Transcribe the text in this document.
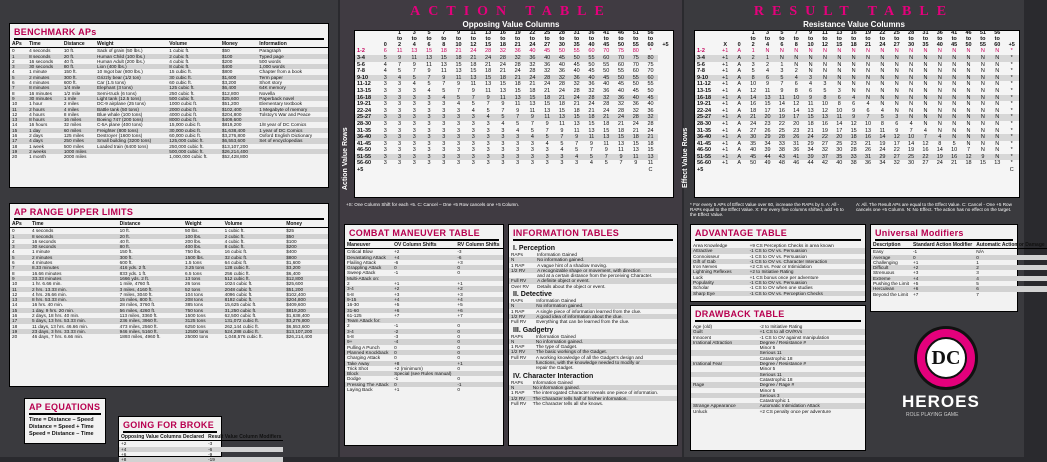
BENCHMARK APs
APs	Time	Distance	Weight	Volume	Money	Information
0	4 seconds	10 ft.	Sack of grain (50 lbs.)	1 cubic ft.	$50	Paragraph
1	8 seconds	20 ft.	Human Child (100 lbs.)	2 cubic ft.	$100	Typed page
2	16 seconds	40 ft.	Human Adult (200 lbs.)	4 cubic ft.	$200	500 words
3	30 seconds	80 ft.	Lion (400 lbs.)	8 cubic ft.	$400	1,000 words
4	1 minute	150 ft.	10 Ingot bar (800 lbs.)	15 cubic ft.	$800	Chapter from a book
5	2 minutes	300 ft.	Grizzly bear (1/2 ton)	30 cubic ft.	$1,600	Term paper
6	4 minutes	600 ft.	Car (1.5 tons)	60 cubic ft.	$3,200	Short story
7	8 minutes	1/4 mile	Elephant (3 tons)	125 cubic ft.	$6,400	64K memory
8	16 minutes	1/2 mile	Semi-truck (6 tons)	250 cubic ft.	$12,800	Novella
9	30 minutes	1 mile	Light tank (12.5 tons)	500 cubic ft.	$25,600	Paperback novel
10	1 hour	2 miles	DC-9 airplane (25 tons)	1000 cubic ft.	$51,200	Elementary textbook
11	2 hours	4 miles	Battle tank (50 tons)	2000 cubic ft.	$102,400	1 Megabyte of memory
12	4 hours	8 miles	Blue whale (100 tons)	4000 cubic ft.	$204,800	Tolstoy's War and Peace
13	8 hours	16 miles	Boeing 747 (200 tons)	8000 cubic ft.	$409,600	
14	16 hours	32 miles	C-5A plane (400 tons)	15,000 cubic ft.	$819,200	1/8 year of DC Comics
15	1 day	60 miles	Freighter (800 tons)	30,000 cubic ft.	$1,638,400	1 year of DC Comics
16	2 days	125 miles	Destroyer (1600 tons)	60,000 cubic ft.	$3,276,800	Oxford English Dictionary
17	4 days	250 miles	Small building (3200 tons)	125,000 cubic ft.	$6,553,600	Set of encyclopedias
18	1 week	500 miles	Loaded train (6400 tons)	250,000 cubic ft.	$13,107,200	
19	2 weeks	1000 miles		500,000 cubic ft.	$26,214,400	
20	1 month	2000 miles		1,000,000 cubic ft.	$52,428,800	
AP RANGE UPPER LIMITS
APs	Time	Distance	Weight	Volume	Money
0	4 seconds	10 ft.	50 lbs.	1 cubic ft.	$25
1	8 seconds	20 ft.	100 lbs.	2 cubic ft.	$50
2	16 seconds	40 ft.	200 lbs.	4 cubic ft.	$100
3	30 seconds	80 ft.	400 lbs.	8 cubic ft.	$200
4	1 minute	150 ft.	750 lbs.	16 cubic ft.	$400
5	2 minutes	300 ft.	1500 lbs.	32 cubic ft.	$800
6	4 minutes	600 ft.	1.5 tons	64 cubic ft.	$1,600
7	8.33 minutes	416 yds. 2 ft.	3.25 tons	128 cubic ft.	$3,200
8	16.66 minutes	833 yds. 1 ft.	6.5 tons	256 cubic ft.	$6,400
9	33.33 minutes	1666 yds. 2 ft.	13 tons	512 cubic ft.	$12,800
10	1 hr. 6.66 min.	1 mile, 4760 ft.	26 tons	1024 cubic ft.	$25,600
11	2 hrs. 13.33 min.	3 miles, 4160 ft.	52 tons	2048 cubic ft.	$51,200
12	4 hrs. 26.66 min.	7 miles, 3040 ft.	104 tons	4096 cubic ft.	$102,400
13	8 hrs. 53.33 min.	15 miles, 800 ft.	208 tons	8192 cubic ft.	$204,800
14	16 hrs. 40 min.	28 miles, 3760 ft.	385 tons	15,625 cubic ft.	$409,600
15	1 day, 9 hrs. 20 min.	56 miles, 4260 ft.	750 tons	31,250 cubic ft.	$819,200
16	2 days, 18 hrs. 40 min.	113 miles, 3360 ft.	1500 tons	62,500 cubic ft.	$1,638,400
17	5 days, 13 hrs. 53.33 min.	236 miles, 3960 ft.	3125 tons	131,072 cubic ft.	$3,276,800
18	11 days, 13 hrs. 46.66 min.	473 miles, 2560 ft.	6250 tons	262,144 cubic ft.	$6,553,600
19	23 days, 3 hrs. 33.33 min.	946 miles, 5160 ft.	12500 tons	524,288 cubic ft.	$13,107,200
20	46 days, 7 hrs. 6.66 min.	1893 miles, 4960 ft.	25000 tons	1,048,576 cubic ft.	$26,214,400
AP EQUATIONS
Time = Distance – Speed
Distance = Speed + Time
Speed = Distance – Time
GOING FOR BROKE
Opposing Value Columns Declared	Result Value Column Modifiers
+2	-3
+4	-6
+6	-9
+8	-19
ACTION TABLE
Opposing Value Columns
Action Value Rows
		1	3	5	7	9	11	13	16	19	22	25	28	31	36	41	46	51	56	
		to	to	to	to	to	to	to	to	to	to	to	to	to	to	to	to	to	to	
	0	2	4	6	8	10	12	15	18	21	24	27	30	35	40	45	50	55	60	+5
1-2	6	11	13	15	18	21	24	28	32	36	40	45	50	55	60	70	75	80	*	
3-4	5	9	11	13	15	18	21	24	28	32	36	40	45	50	55	60	70	75	80	
5-6	4	7	9	11	13	15	18	21	24	28	32	36	40	45	50	55	60	70	75	
7-8	4	5	7	9	11	13	15	18	21	24	28	32	36	40	45	50	55	60	70	
9-10	3	4	5	7	9	11	13	15	18	21	24	28	32	36	40	45	50	55	60	
11-12	3	3	4	5	7	9	11	13	15	18	21	24	28	32	36	40	45	50	55	
13-15	3	3	3	4	5	7	9	11	13	15	18	21	24	28	32	36	40	45	50	
16-18	3	3	3	3	4	5	7	9	11	13	15	18	21	24	28	32	36	40	45	
19-21	3	3	3	3	3	4	5	7	9	11	13	15	18	21	24	28	32	36	40	
22-24	3	3	3	3	3	3	4	5	7	9	11	13	15	18	21	24	28	32	36	
25-27	3	3	3	3	3	3	3	4	5	7	9	11	13	15	18	21	24	28	32	
28-30	3	3	3	3	3	3	3	3	4	5	7	9	11	13	15	18	21	24	28	
31-35	3	3	3	3	3	3	3	3	3	4	5	7	9	11	13	15	18	21	24	
36-40	3	3	3	3	3	3	3	3	3	3	4	5	7	9	11	13	15	18	21	
41-45	3	3	3	3	3	3	3	3	3	3	3	4	5	7	9	11	13	15	18	
46-50	3	3	3	3	3	3	3	3	3	3	3	3	4	5	7	9	11	13	15	
51-55	3	3	3	3	3	3	3	3	3	3	3	3	3	4	5	7	9	11	13	
56-60	3	3	3	3	3	3	3	3	3	3	3	3	3	3	4	5	7	9	11	
+5																			C	
+S: One Column Shift for each +5. C: Cancel – One +5 Row cancels one +5 Column.
COMBAT MANEUVER TABLE
Maneuver	OV Column Shifts	RV Column Shifts
Critical Blow	+2	-3
Devastating Attack	+4	-6
Flailing Attack	-6	+3
Grappling Attack	0	0
Sweep Attack	-1	0
Multi-Attack on:		
2	+1	+1
3-4	+2	+2
5-8	+3	+3
9-15	+4	+4
16-30	+5	+5
31-60	+6	+6
61-125	+7	+7
Team Attack for:		
2	-1	0
3-4	-2	0
5-8	-3	0
9+	-4	0
Pulling A Punch	0	0
Planned Knockback	0	0
Charging Attack	0	0
Take Away	+8	+1
Trick Shot	+2 (minimum)	0
Block	Special (see Rules manual)	
Dodge	-1	0
Pressing The Attack	0	-1
Laying Back	+1	0
INFORMATION TABLES
I. Perception
RAPs	Information Gained
N	No information gained.
1 RAP	A vague hint of a shadow moving.
1/2 RV	A recognizable shape or movement, with direction
	and at a certain distance from the perceiving Character.
Full RV	A definite object or event.
Over RV	Details about the object or event.
II. Detective
RAPs	Information Gained
N	No information gained.
1 RAP	A single piece of information learned from the clue.
1/2 RV	A good idea of information about the clue.
Full RV	Everything that can be learned from the clue.
III. Gadgetry
RAPs	Information Gained
N	No information gained.
1 RAP	The type of Gadget.
1/2 RV	The basic workings of the Gadget.
Full RV	A working knowledge of all the Gadget's design and
	functions, with the knowledge needed to modify or
	repair the Gadget.
IV. Character Interaction
RAPs	Information Gained
N	No information gained.
1 RAP	The interrogated Character reveals one piece of information.
1/2 RV	The Character tells half of his/her information.
Full RV	The Character tells all she knows.
RESULT TABLE
Resistance Value Columns
Effect Value Rows
			1	3	5	7	9	11	13	16	19	22	25	28	31	36	41	46	51	56	
			to	to	to	to	to	to	to	to	to	to	to	to	to	to	to	to	to	to	
	X	0	2	4	6	8	10	12	15	18	21	24	27	30	35	40	45	50	55	60	+5
1-2	+1	A	1	N	N	N	N	N	N	N	N	N	N	N	N	N	N	N	N	N	*
3-4	+1	A	2	1	N	N	N	N	N	N	N	N	N	N	N	N	N	N	N	N	*
5-6	+1	A	3	2	1	N	N	N	N	N	N	N	N	N	N	N	N	N	N	N	*
7-8	+1	A	5	4	3	2	N	N	N	N	N	N	N	N	N	N	N	N	N	N	*
9-10	+1	A	8	6	5	4	3	N	N	N	N	N	N	N	N	N	N	N	N	N	*
11-12	+1	A	10	9	7	6	4	3	N	N	N	N	N	N	N	N	N	N	N	N	*
13-15	+1	A	12	11	9	8	6	5	3	N	N	N	N	N	N	N	N	N	N	N	*
16-18	+1	A	14	13	11	10	9	8	6	4	N	N	N	N	N	N	N	N	N	N	*
19-21	+1	A	16	15	14	12	11	10	8	6	4	N	N	N	N	N	N	N	N	N	*
22-24	+1	A	18	17	16	14	13	12	10	9	6	4	N	N	N	N	N	N	N	N	*
25-27	+1	A	21	20	19	17	15	13	11	9	7	5	3	N	N	N	N	N	N	N	*
28-30	+1	A	24	23	22	20	18	16	14	12	10	8	6	4	N	N	N	N	N	N	*
31-35	+1	A	27	26	25	23	21	19	17	15	13	11	9	7	4	N	N	N	N	N	*
36-40	+1	A	30	29	28	26	24	22	20	18	16	14	12	10	7	4	N	N	N	N	*
41-45	+1	A	35	34	33	31	29	27	25	23	21	19	17	14	12	8	5	N	N	N	*
46-50	+1	A	40	39	38	36	34	32	30	28	26	24	22	19	16	14	10	7	N	N	*
51-55	+1	A	45	44	43	41	39	37	35	33	31	29	27	25	22	19	16	12	9	N	*
56-60	+1	A	50	49	48	46	44	42	40	38	36	34	32	30	27	24	21	18	15	13	*
+5																					C
* For every 5 APs of Effect Value over 60, increase the RAPs by 5. A: All - RAPs equal to the Effect Value. X: For every five columns shifted, add +5 to the Effect Value.
A: All. The Result APs are equal to the Effect Value. C: Cancel - One +5 Row cancels one +5 Column. N: No Effect. The action has no effect on the target.
ADVANTAGE TABLE
Area Knowledge	+9 CS Perception Checks in area known
Attractive	-1 CS to OV vs. Persuasion
Connoisseur	-1 CS to OV vs. Persuasion
Gift of Gab	-1 CS to OV vs. Character Interaction
Iron Nerves	+2 CS vs. Fear or Intimidation
Lightning Reflexes	+2 to Initiative Rating
Luck	+1 CS bonus once per adventure
Popularity	-1 CS to OV vs. Persuasion
Scholar	-1 CS to OV when one studies
Sharp Eye	-1 CS to OV vs. Perception Checks
DRAWBACK TABLE
Age (old)	-2 to Initiative Rating
Guilt	+1 CS to all OV/RVs
Innocent	-1 CS to OV against manipulation
Irrational Attraction	Degree / Resistance #
	Minor 5
	Serious 11
	Catastrophic 18
Irrational Fear	Degree / Resistance #
	Minor 5
	Serious 11
	Catastrophic 18
Rage	Degree / Rage #
	Minor 5
	Serious 3
	Catastrophic 1
Strange Appearance	Automatic Intimidation Attack
Unluck	+2 CS penalty once per adventure
Universal Modifiers
Description	Standard Action Modifier	Automatic Action or Damage
Easy	-1	N/A
Average	0	0
Challenging	+1	1
Difficult	+2	2
Strenuous	+3	3
Extreme	+4	4
Pushing the Limit	+5	5
Herculean	+6	6
Beyond the Limit	+7	7
DC
HEROES
ROLE PLAYING GAME
